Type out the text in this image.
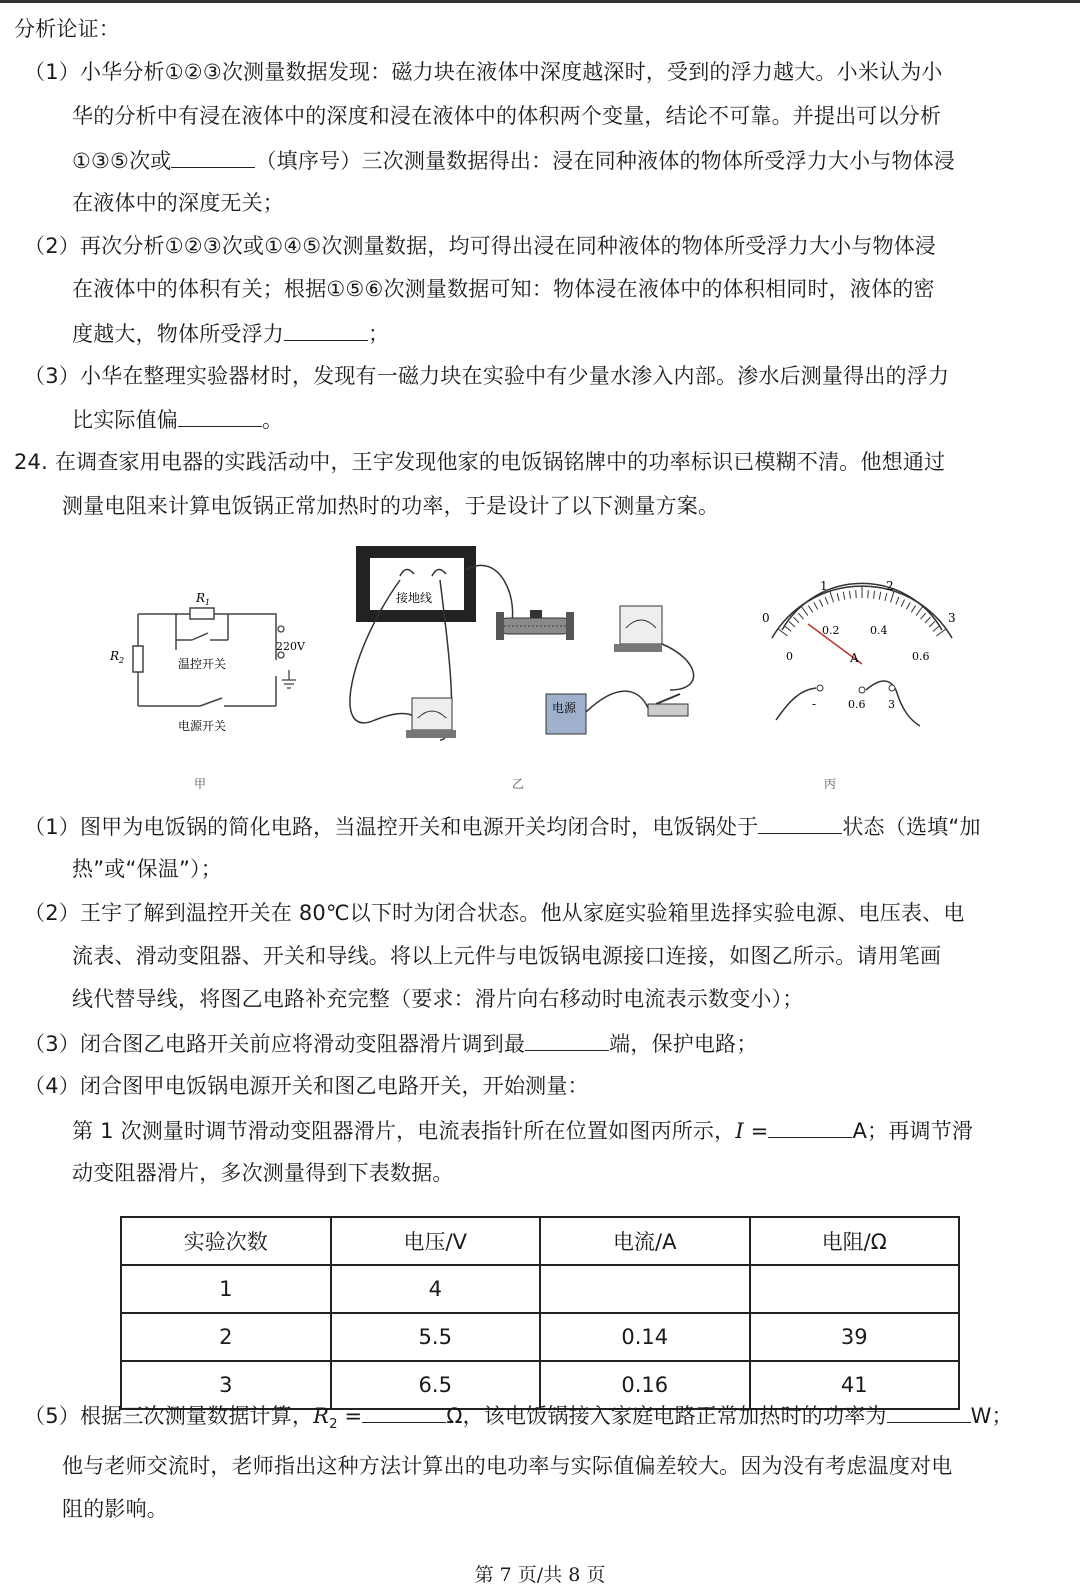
分析论证：
（1）小华分析①②③次测量数据发现：磁力块在液体中深度越深时，受到的浮力越大。小米认为小
华的分析中有浸在液体中的深度和浸在液体中的体积两个变量，结论不可靠。并提出可以分析
①③⑤次或	（填序号）三次测量数据得出：浸在同种液体的物体所受浮力大小与物体浸
在液体中的深度无关；
（2）再次分析①②③次或①④⑤次测量数据，均可得出浸在同种液体的物体所受浮力大小与物体浸
在液体中的体积有关；根据①⑤⑥次测量数据可知：物体浸在液体中的体积相同时，液体的密
度越大，物体所受浮力	；
（3）小华在整理实验器材时，发现有一磁力块在实验中有少量水渗入内部。渗水后测量得出的浮力
比实际值偏	。
24. 在调查家用电器的实践活动中，王宇发现他家的电饭锅铭牌中的功率标识已模糊不清。他想通过
测量电阻来计算电饭锅正常加热时的功率，于是设计了以下测量方案。
$R_1$
$R_2$	温控开关
电源开关
220V
甲
接地线
电源
乙
0
1	2
3
0
0.2	0.4
0.6
A
-	0.6 3
丙
（1）图甲为电饭锅的简化电路，当温控开关和电源开关均闭合时，电饭锅处于	状态（选填“加
热”或“保温”）；
（2）王宇了解到温控开关在 80℃以下时为闭合状态。他从家庭实验箱里选择实验电源、电压表、电
流表、滑动变阻器、开关和导线。将以上元件与电饭锅电源接口连接，如图乙所示。请用笔画
线代替导线，将图乙电路补充完整（要求：滑片向右移动时电流表示数变小）；
（3）闭合图乙电路开关前应将滑动变阻器滑片调到最	端，保护电路；
（4）闭合图甲电饭锅电源开关和图乙电路开关，开始测量：
第 1 次测量时调节滑动变阻器滑片，电流表指针所在位置如图丙所示，I =	A；再调节滑
动变阻器滑片，多次测量得到下表数据。
实验次数	电压/V	电流/A	电阻/Ω
1	4		
2	5.5	0.14	39
3	6.5	0.16	41
（5）根据三次测量数据计算，$R_2$ =	Ω，该电饭锅接入家庭电路正常加热时的功率为	W；
他与老师交流时，老师指出这种方法计算出的电功率与实际值偏差较大。因为没有考虑温度对电
阻的影响。
第 7 页/共 8 页
